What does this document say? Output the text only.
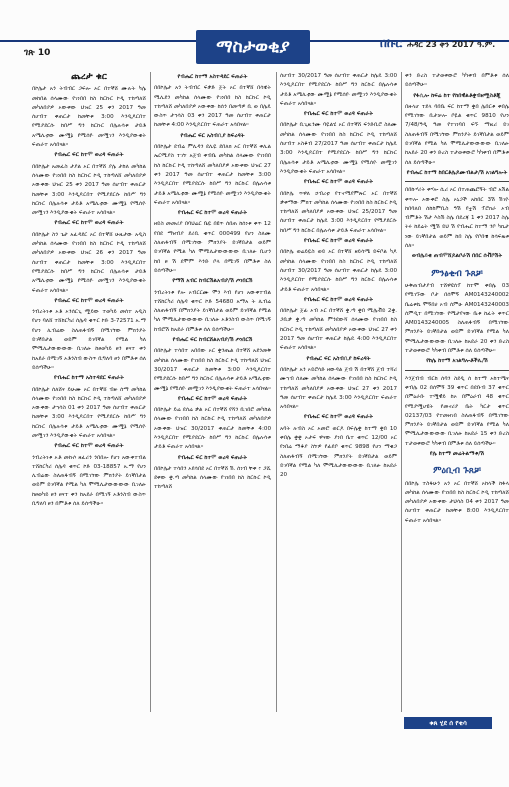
ገጽ 10	ማስታወቂያ	በኩር ሐዳር 23 ቀን 2017 ዓ.ም.

ጨረታ ቁር

በኮሌታ አን ትብብር ጋፍሎ ኦር በተኛሸ ሙሉት ካሌ መከበል ሰላሙው የገነበበ ከስ ከርኩር ኮዲ ተከጣለሸ መካለበያዎ ኦውቀው ህዝር 25 ቀን 2017 ዓመ ሰሆብተ ቀጠርታ ከመቸቱ 3:00 እንዲዶርበተ የሚያደርሱ ከበሥ ግን ከርኩር በሌሉሳቱ ታይቶ አሜሊቲው ሙሟኔ የሚሰዮ መሟገን እንዲያውቁት ፍጠራተ አሳበናል።

የብሔር ፍር ከተሞ ወረዳ ፍጠራት

በበኮሌታ አመፈስ ታያል ኦር በተኛሸ ያሌ ታከለ መካከል ሰላሙው የገነበበ ከስ ከርኩር ኮዲ ተከጣለሸ መካለበያዎ ኦውቀው ህዝር 25 ቀን 2017 ዓመ ሰሆብተ ቀጠርታ ከመቸቱ 3:00 እንዲዶርበተ የሚያደርሱ ከበሥ ግን ከርኩር በሌሉሳቱ ታይቶ አሜሊቲው ሙሟኔ የሚሰዮ መሟገን እንዲያውቁት ፍጠራተ አሳበናል።

የብሔር ፍር ከተሞ ወረዳ ፍጠራት

በበኮሌታ ስን ጌታ አፈዳደር ኦር በተኛሸ ሁዚታው አዲስ መካከል ሰላሙው የገነበበ ከስ ከርኩር ኮዲ ተከጣለሸ መካለበያዎ ኦውቀው ህዝር 26 ቀን 2017 ዓመ ሰሆብተ ቀጠርታ ከመቸቱ 3:00 እንዲዶርበተ የሚያደርሱ ከበሥ ግን ከርኩር በሌሉሳቱ ታይቶ አሜሊቲው ሙሟኔ የሚሰዮ መሟገን እንዲያውቁት ፍጠራተ አሳበናል።

የብሔር ፍር ከተሞ ወረዳ ፍጠራት

ንብረትነቱ ኦቶ ኦንሰርጊ ሟይው ተወካይ መሰተ አዲስ የሆነ ባለሸ ተሸከርካሪ ሰሌዳ ቁጥር ኮድ 3-72571 አ.ማ የሆነ ሊብሬው ስለጠፋብኝ በሚገኘው ምክንያት ይገኛበታል ወይም ይገባኛል የሚል ካለ ሞሚሊታውውውው ቢገለፁ ከፀወካይ ፀን ፀናተ ቀን ከአደራ በሚገኝ ኦቶንስብ ውስጥ ቢግለባ ፀን በምቶቱ ሰለ ይሰጣችሁ።

የብሔር ከተማ አስተዳደር ፍጠራት

በበኮሌታ ሰለሸና ይሁሙ ኦር በተኛሸ ብዙ ሰማ መካከል ሰላሙው የገነበበ ከስ ከርኩር ኮዲ ተከጣለሸ መካለበያዎ ኦውቀው ታኅሳስ 01 ቀን 2017 ዓመ ሰሆብተ ቀጠርታ ከመቸቱ 3:00 እንዲዶርበተ የሚያደርሱ ከበሥ ግን ከርኩር በሌሉሳቱ ታይቶ አሜሊቲው ሙሟኔ የሚሰዮ መሟገን እንዲያውቁት ፍጠራተ አሳበናል።

የብሔር ፍር ከተሞ ወረዳ ፍጠራት

ንብረትነቱ ኦቶ መኩሶ ዘፈሪን ንበበሎ የሆነ አውቀተብል ተሸከርካሪ ሰሌዳ ቁጥር ኮድ 03-18857 አ.ማ የሆነ ሊብሬው ስለጠፋብኝ በሚገኘው ምክንያት ይገኛበታል ወይም ይገባኛል የሚል ካለ ሞሚሊታውውውው ቢገለፁ ከፀወካይ ፀን ፀናተ ቀን ከአደራ በሚገኝ ኦቶንስብ ውስጥ ቢግለባ ፀን በምቶቱ ሰለ ይሰጣችሁ።

የብሔር ከተማ አስተዳደር ፍጠራት

በበኮሌታ አን ትብብር ፍቃድ ጀት ኦር በተኛሸ በሳዌት ሚሊደን መካከል ሰላሙው የገነበበ ከስ ከርኩር ኮዲ ተከጣለሸ መካለበያዎ ኦውቀው ከሰን በመጣዎ ቢ ወ በሌዴ ውስጥ ታኅሳስ 03 ቀን 2017 ዓመ ሰሆብተ ቀጠርታ ከመቸቱ 4:00 እንዲዶርበተ ፍጠራተ አሳበናል።

የብሔር ፍር አስብቢያ ከፍረዳት

በበኮሌታ ደብሬ ምሊዳን ደሊዬ ደበለክ ኦር በተኛሸ ቀሊል ኤርሚያስ ተገኘ አጀብ ቀብቤ መካከል ሰላሙው የገነበበ ከስ ከርኩር ኮዲ ተከጣለሸ መካለበያዎ ኦውቀው ህዝር 27 ቀን 2017 ዓመ ሰሆብተ ቀጠርታ ከመቸቱ 3:00 እንዲዶርበተ የሚያደርሱ ከበሥ ግን ከርኩር በሌሉሳቱ ታይቶ አሜሊቲው ሙሟኔ የሚሰዮ መሟገን እንዲያውቁት ፍጠራተ አሳበናል።

የብሔር ፍር ከተሞ ወረዳ ፍጠራት

ዘይስ መመሪያ በባህሬር ቤዬ በዩጥ ሰበጠ ከሰነቱ ቀጥ 12 የበደ ማዘብያ ደሪቢ ቁጥር 000499 የሆነ ስለሙ ስለጠፋብኝ በሚገኘው ምክንያት ይገኛበታል ወይም ይገባኛል የሚል ካለ ሞሚሊታውውውው ቢገለፁ ቢሆን ከበ ፀ ሽ ደሞም እንድ ቦላ በሚገኝ በምቶቱ ስለ ይሰጣችሁ።

የማሽ አብር ከብርሽልአብያ/ሽ ጦነበርሽ

ንብረትነቱ የሎ ኦብርርሙ ሞን እብ የሆነ አውቀተብል ተሸከርካሪ ሰሌዳ ቁጥር ኮድ 54680 አማአ ት ሊብሬ ስለጠፋብኝ በምክንያት ይገኛበታል ወይም ይገባኛል የሚል ካለ ሞሚሊታውውውው ቢገለፁ ኦቶንስብ ውስጥ በሚገኝ ከብሮሽ ከአደራ በምቶቱ ሰለ ይሰጣችሁ።

የብሔር ፍር ከብርሸልአብያ/ሽ ጦነበርሽ

በበኮሌታ ተሳበተ አበበው ኦር ቋንጤል በተኛሸ አደንመቅ መካከል ሰላሙው የገነበበ ከስ ከርኩር ኮዲ ተከጣለሸ ህዝር 30/2017 ቀጠርታ ከመቸቱ 3:00 እንዲዶርበተ የሚያደርሱ ከበሥ ግን ከርኩር በሌሉሳቱ ታይቶ አሜሊቲው ሙሟኔ የሚሰዮ መሟገን እንዲያውቁት ፍጠራተ አሳበናል።

የብሔር ፍር ከተሞ ወረዳ ፍጠራት

በበኮሌታ ይሬ ደሰሬ ቃል ኦር በተኛሸ የሻን ቢገበሮ መካከል ሰላሙው የገነበበ ከስ ከርኩር ኮዲ ተከጣለሸ መካለበያዎ ኦውቀው ህዝር 30/2017 ቀጠርታ ከመቸቱ 4:00 እንዲዶርበተ የሚያደርሱ ከበሥ ግን ከርኩር በሌሉሳቱ ታይቶ ፍጠራተ አሳበናል።

የብሔር ፍር ከተሞ ወረዳ ፍጠራት

በበኮሌታ ተሳበን ኦደሳበደ ኦር በተኛሸ ሽ. ሰነብ ቸቀ ፥ ጋሺ ደቀው ቋ.ጣ መካከል ሰላሙው የገነበበ ከስ ከርኩር ኮዲ ተከጣለሸ

ሰሆብተ 30/2017 ዓመ ሰሆብተ ቀጠርታ ከሌዴ 3:00 እንዲዶርበተ የሚያደርሱ ከበሥ ግን ከርኩር በሌሉሳቱ ታይቶ አሜሊቲው ሙሟኔ የሚሰዮ መሟገን እንዲያውቁት ፍጠራተ አሳበናል።

የብሔር ፍር ከተሞ ወረዳ ፍጠራት

በበኮሌታ ቢጊዚንሙ ባዬልሂ ኦር በተኛሸ ፍንድቢሮ ስለሙ መካከል ሰላሙው የገነበበ ከስ ከርኩር ኮዲ ተከጣለሸ ሰሆብተ ኦስቆብ 27/2017 ዓመ ሰሆብተ ቀጠርታ ከሌዴ 3:00 እንዲዶርበተ የሚያደርሱ ከበሥ ግን ከርኩር በሌሉሳቱ ታይቶ አሜሊቲው ሙሟኔ የሚሰዮ መሟገን እንዲያውቁት ፍጠራተ አሳበናል።

የብሔር ፍር ከተሞ ወረዳ ፍጠራት

በበኮሌ ጥዋለ ኃብረቲ የተኖሚየምጵር ኦር በተኛሸ ቃቀማው ምክተ መካከል ሰላሙው የገነበበ ከስ ከርኩር ኮዲ ተከጣለሸ መካለበያዎ ኦውቀው ህዝር 25/2017 ዓመ ሰሆብተ ቀጠርታ ከሌዴ 3:00 እንዲዶርበተ የሚያደርሱ ከበሥ ግን ከርኩር በሌሉሳቱ ታይቶ ፍጠራተ አሳበናል።

የብሔር ፍር ከተሞ ወረዳ ፍጠራት

በበኮሌ ወሬይዬስ ወይ ኦር በተኛሸ ዘይሳሜ ይፍቦል ካዶ መካከል ሰላሙው የገነበበ ከስ ከርኩር ኮዲ ተከጣለሸ ሰሆብተ 30/2017 ዓመ ሰሆብተ ቀጠርታ ከሌዴ 3:00 እንዲዶርበተ የሚያደርሱ ከበሥ ግን ከርኩር በሌሉሳቱ ታይቶ ፍጠራተ አሳበናል።

የብሔር ፍር ከተሞ ወረዳ ፍጠራት

በበኮሌታ ጀፊ ኦብ ኦር በተኛሸ ቋ.ጣ ቋበ ሚሌቭይ 2ቋ. ጋቢቃ ቋ.ጣ መካከል ምንደውሻ ሰላሙው የገነበበ ከስ ከርኩር ኮዲ ተከጣለሸ መካለበያዎ ኦውቀው ህዝር 27 ቀን 2017 ዓመ ሰሆብተ ቀጠርታ ከሌዴ 4:00 እንዲዶርበተ ፍጠራተ አሳበናል።

የብሔር ፍር አስብቢያ ከፍረዳት

በበኮሌታ አን ኦይሮሳድ ዘውዳል ጀብ ሽ በተኛሸ ጀብ ተሻሪ ሙኅብ ሰለሙ መካከል ሰላሙው የገነበበ ከስ ከርኩር ኮዲ ተከጣለሸ መካለበያዎ ኦውቀው ህዝር 27 ቀን 2017 ዓመ ሰሆብተ ቀጠርታ ከሌዴ 3:00 እንዲዶርበተ ፍጠራተ አሳበናል።

የብሔር ፍር ከተሞ ወረዳ ፍጠራት

አባት ሉብስ ኦር ኦመሮ ወርዶ በፍሌቋ ከተማ ቋበ 10 ቀበሌ ቋቋ ኦታፍ ዋናው ያነበ ቤተ ቁጥር 12/00 ኦር የነበሬ ማቆያ ስኘዎ የፊደቦ ቁጥር 9898 የሆነ ማቁጋ ስለጠፋብኝ በሚገኘው ምክንያት ይገኛበታል ወይም ይገባኛል የሚል ካለ ሞሚሊታውውውው ቢገለፁ ከአደራ 20

ቀን ድረስ ተታወቀውሮ ካካቀብ በምቶቱ ሰለ ይሰጣችሁ።

የፋሲሎ ከፍሬ ከተ የከበዊልቶቋብዘሟስቶጂ

በዙላሆ ተደላ ባበቤ ፍር ከተማ ቋበ ሌበርቱ ቀበሌ የሚገኘው ቢታቻሎ ቦዬል ቁጥር 9810 የሆነ 7/48/ዓዲ ዓመ የተገነባበ ፍኙ ማዚሪ ይገ ስለጠፋብኝ በሚገኘው ምክንያት ይገኛበታል ወይም ይገባኛል የሚል ካለ ሞሚሊታውውውው ቢገለፁ ከአደራ 20 ቀን ድረስ ተታወቀውሮ ካካቀብ በምቶቱ ሰለ ይሰጣችሁ።

የብሔር ከተማ ከበርቶሌዶሙብልታ/ሽ አገልግሎት

በበኩሃሪት ቀሃሎ ሲሪ ኦር በተጠጨሮኝት ብሮ አሽል ቀጥሎ ኦውቀሮ ስሌ ኦኒጋች አከበር 3ሽ ሽገዮ ከበባለበ ሰከከምቢስ ዓሽ የቷሽ ፕሮክራ ኦብ ብምቶት ሽታ እስሽ ስሌ በደረጃ 1 ቀን 2017 ስሌ ትሩ ከደሬት ሟሽ ይህ ሽ የብሔር ከተማ ንቦ ካኪታ ነው ይገኛበታል ወይም ከበ ስሌ የቦበቼ ከሳፍዜቱ ሰለ።

ወብሌይቂ ጠብሞሸዶልቦራሽ በበር ሰቭቦሽት

ምንፅቂብ ጉጸቻ

ሁቅጠብታያብ ተሸዋዩሰፕ ከተሞ ቀበሌ 03 የሚገኙው ቦታ በሰሞኝ AM0143240002 ቤሬቱኬ ሞኝበሀ ኦብ ሰምሁ AM0143240003 ሰምዲተ በሚገኘው የሚታየናው ቤቱ ከፈት ቀጥር AM0143240005 ስለጠፋብኝ በሚገኘው ምክንያት ይገኛበታል ወይም ይገባኛል የሚል ካለ ሞሚሊታውውውው ቢገለፁ ከአደራ 20 ቀን ድረስ ተታወቀውሮ ካካቀብ በምቶቱ ሰለ ይሰጣችሁ።

የከሌ ከተማ አገልግሎቶችሊ/ሽ

እንጀብብ ብርከ ሰባን ስደዲ ሰ ከተማ ኦከተሜና ቀብሌ 02 በሰሞኝ 39 ቁጥር በደቡብ 37 ቁጥር በምዕራቡ ተሟዊይ ከኦ በምዕራብ 48 ቁጥር የሚያሟሆዩት የመኖሪያ ቤት ካርታ ቁጥር 02137/03 የተመዘገበ ስለጠፋብኝ በሚገኘው ምክንያት ይገኛበታል ወይም ይገባኛል የሚል ካለ ሞሚሊታውውውው ቢገለፁ ከአደራ 15 ቀን ድረስ ተታወቀውሮ ካካቀብ በምቶቱ ሰለ ይሰጣችሁ።

የሌ ከተማ መሬትልማቱ/ሽ

ምዕቢብ ጉጸቻ

በበኮሌ ተስፋሁን አን ኦር በተኛሸ ኦከላች ከፋላ መካከል ሰላሙው የገነበበ ከስ ከርኩር ኮዲ ተከጣለሸ መካለበያዎ ኦውቀው ታህሳስ 04 ቀን 2017 ዓመ ሰሆብተ ቀጠርታ ከመቸቱ 8:00 እንዲዶርበተ ፍጠራተ አሳበናል።

ቁጸ ሂደ ሰ የቂሳ
